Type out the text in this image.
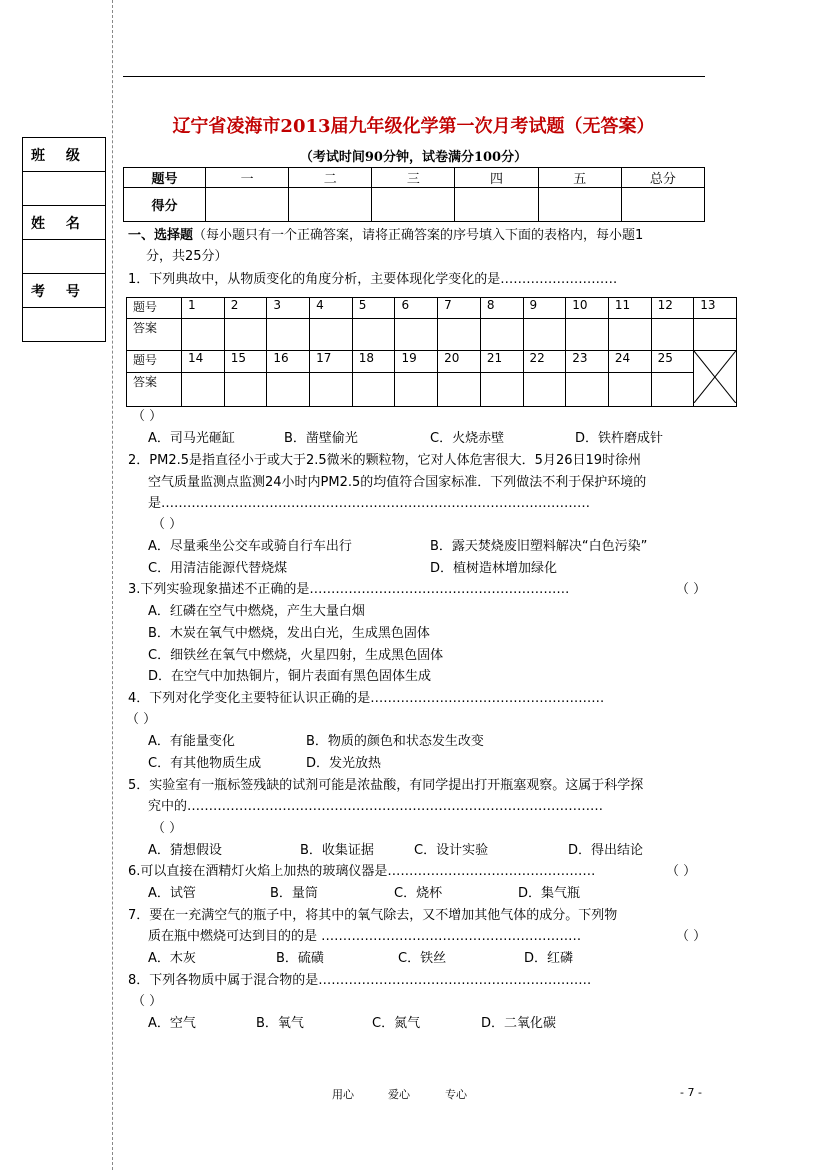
辽宁省凌海市2013届九年级化学第一次月考试题（无答案）
（考试时间90分钟，试卷满分100分）
班 级

姓 名

考 号

题号	一	二	三	四	五	总分
得分						
一、选择题（每小题只有一个正确答案，请将正确答案的序号填入下面的表格内，每小题1
分，共25分）
1．下列典故中，从物质变化的角度分析，主要体现化学变化的是………………………
题号	1	2	3	4	5	6	7	8	9	10	11	12	13
答案													
题号	14	15	16	17	18	19	20	21	22	23	24	25	
答案													
（ ）
A．司马光砸缸	B．凿壁偷光	C．火烧赤壁	D．铁杵磨成针
2．PM2.5是指直径小于或大于2.5微米的颗粒物，它对人体危害很大．5月26日19时徐州
空气质量监测点监测24小时内PM2.5的均值符合国家标准．下列做法不利于保护环境的
是………………………………………………………………………………………
（ ）
A．尽量乘坐公交车或骑自行车出行	B．露天焚烧废旧塑料解决“白色污染”
C．用清洁能源代替烧煤	D．植树造林增加绿化
3.下列实验现象描述不正确的是……………………………………………………	（ ）
A．红磷在空气中燃烧，产生大量白烟
B．木炭在氧气中燃烧，发出白光，生成黑色固体
C．细铁丝在氧气中燃烧，火星四射，生成黑色固体
D．在空气中加热铜片，铜片表面有黑色固体生成
4．下列对化学变化主要特征认识正确的是………………………………………………
（ ）
A．有能量变化	B．物质的颜色和状态发生改变
C．有其他物质生成	D．发光放热
5．实验室有一瓶标签残缺的试剂可能是浓盐酸，有同学提出打开瓶塞观察。这属于科学探
究中的……………………………………………………………………………………
（ ）
A．猜想假设	B．收集证据	C．设计实验	D．得出结论
6.可以直接在酒精灯火焰上加热的玻璃仪器是…………………………………………	（ ）
A．试管	B．量筒	C．烧杯	D．集气瓶
7．要在一充满空气的瓶子中，将其中的氧气除去，又不增加其他气体的成分。下列物
质在瓶中燃烧可达到目的的是 ……………………………………………………	（ ）
A．木灰	B．硫磺	C．铁丝	D．红磷
8．下列各物质中属于混合物的是………………………………………………………
（ ）
A．空气	B．氧气	C．氮气	D．二氧化碳
用心	爱心	专心	- 7 -
